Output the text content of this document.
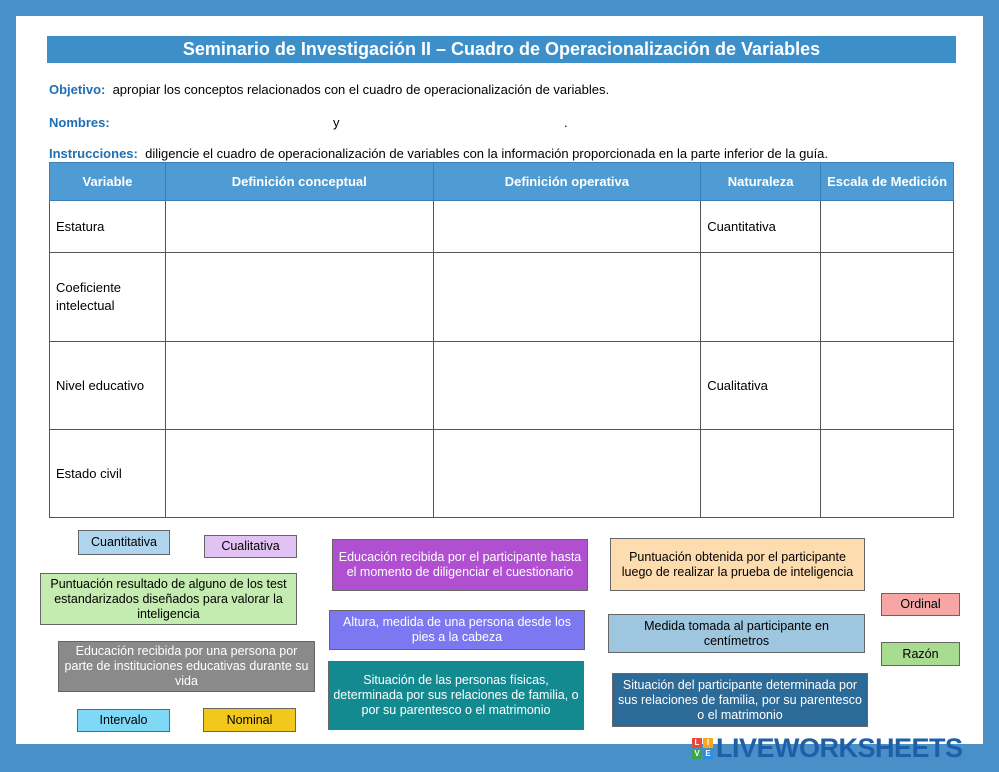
Seminario de Investigación II – Cuadro de Operacionalización de Variables
Objetivo: apropiar los conceptos relacionados con el cuadro de operacionalización de variables.
Nombres:	y	.
Instrucciones: diligencie el cuadro de operacionalización de variables con la información proporcionada en la parte inferior de la guía.
Variable	Definición conceptual	Definición operativa	Naturaleza	Escala de Medición
Estatura			Cuantitativa	
Coeficiente intelectual				
Nivel educativo			Cualitativa	
Estado civil				
Cuantitativa	Cualitativa
Educación recibida por el participante hasta el momento de diligenciar el cuestionario
Puntuación obtenida por el participante luego de realizar la prueba de inteligencia
Puntuación resultado de alguno de los test estandarizados diseñados para valorar la inteligencia
Ordinal
Altura, medida de una persona desde los pies a la cabeza
Medida tomada al participante en centímetros
Educación recibida por una persona por parte de instituciones educativas durante su vida
Razón
Situación de las personas físicas, determinada por sus relaciones de familia, o por su parentesco o el matrimonio
Situación del participante determinada por sus relaciones de familia, por su parentesco o el matrimonio
Intervalo	Nominal
L I
V E LIVEWORKSHEETS
